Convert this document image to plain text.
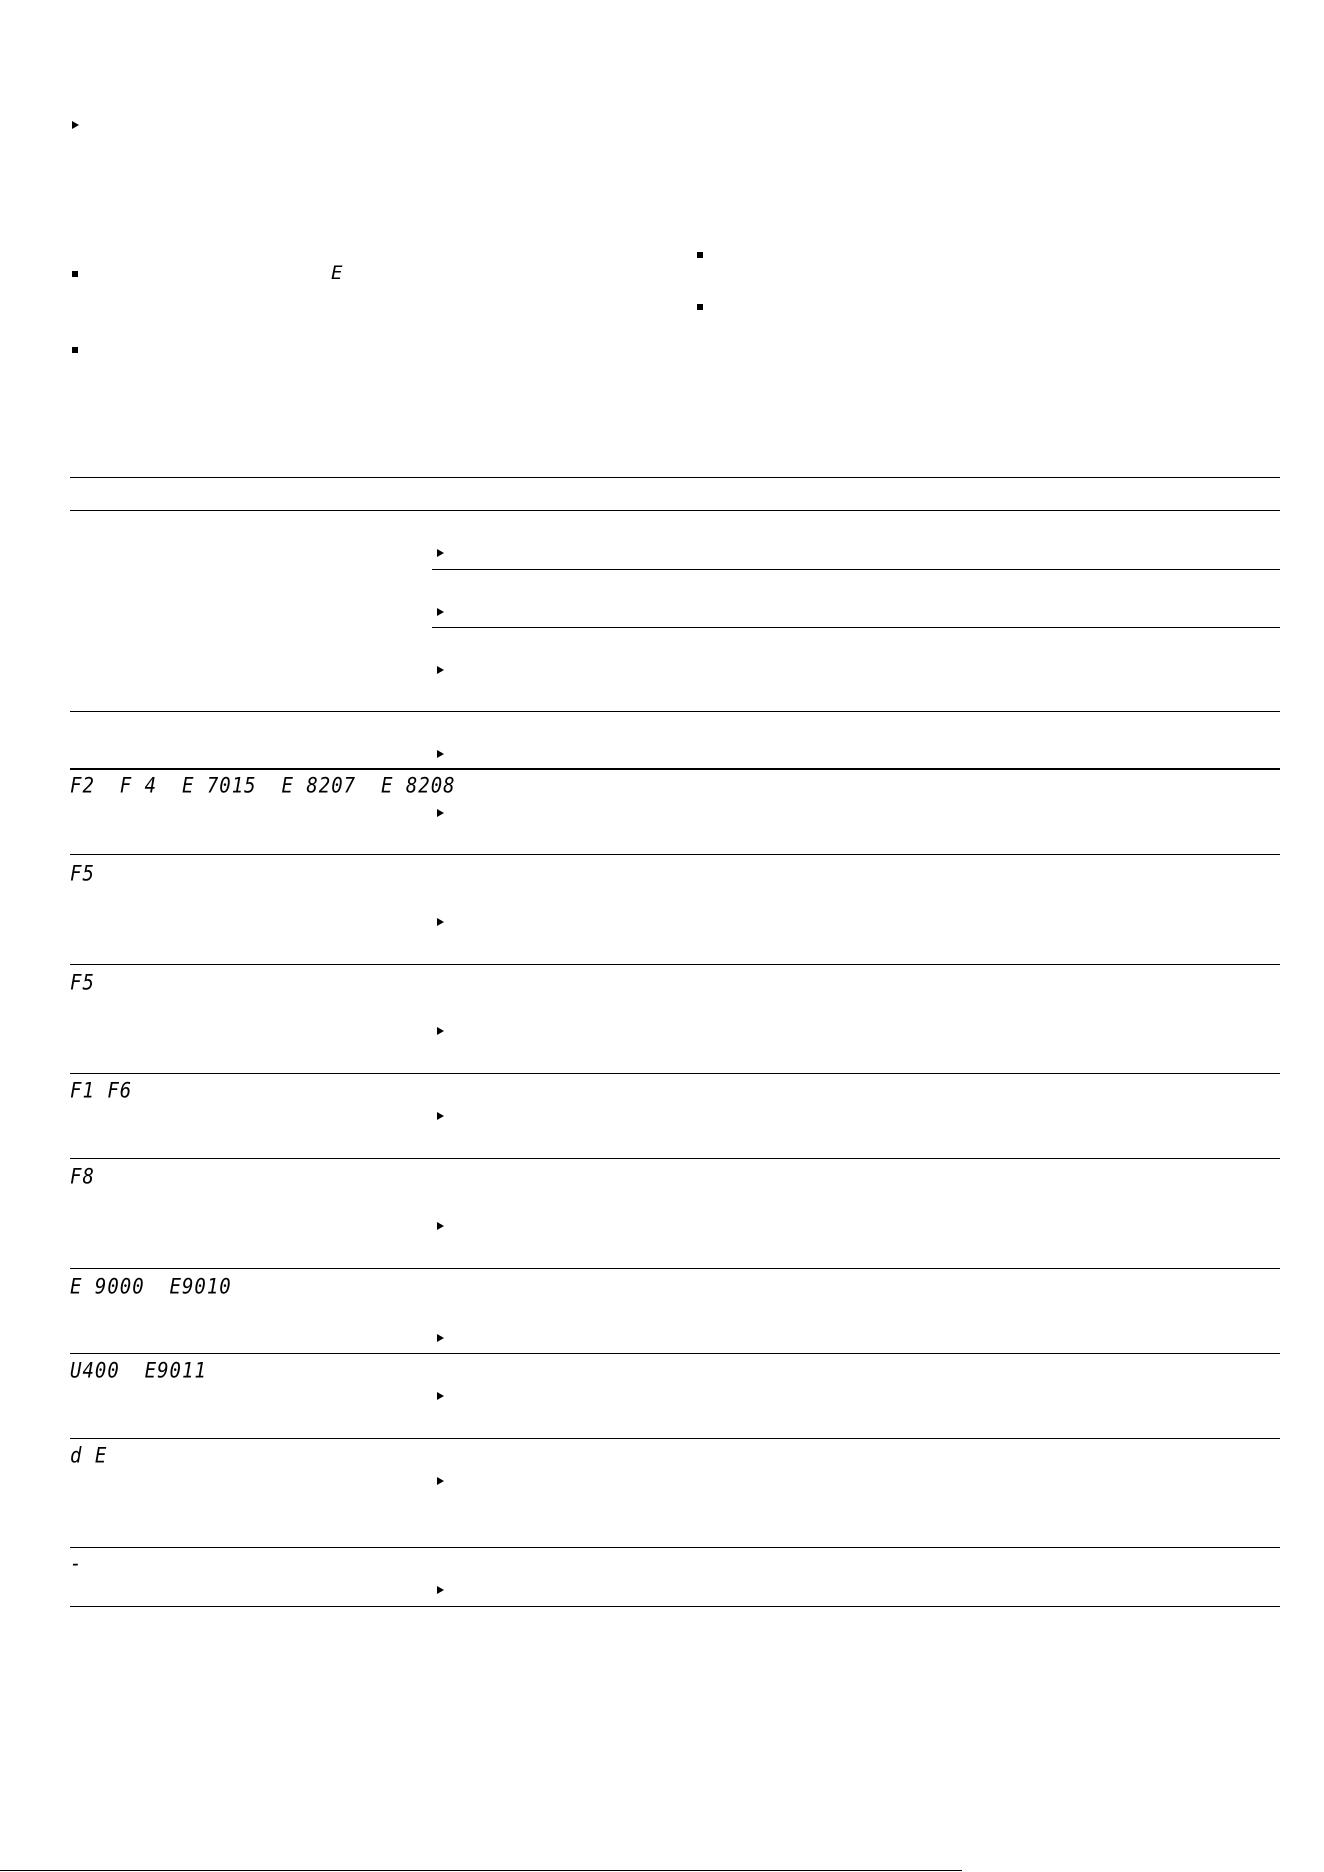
E
F2  F 4  E 7015  E 8207  E 8208
F5
F5
F1 F6
F8
E 9000  E9010
U400  E9011
d E
-
